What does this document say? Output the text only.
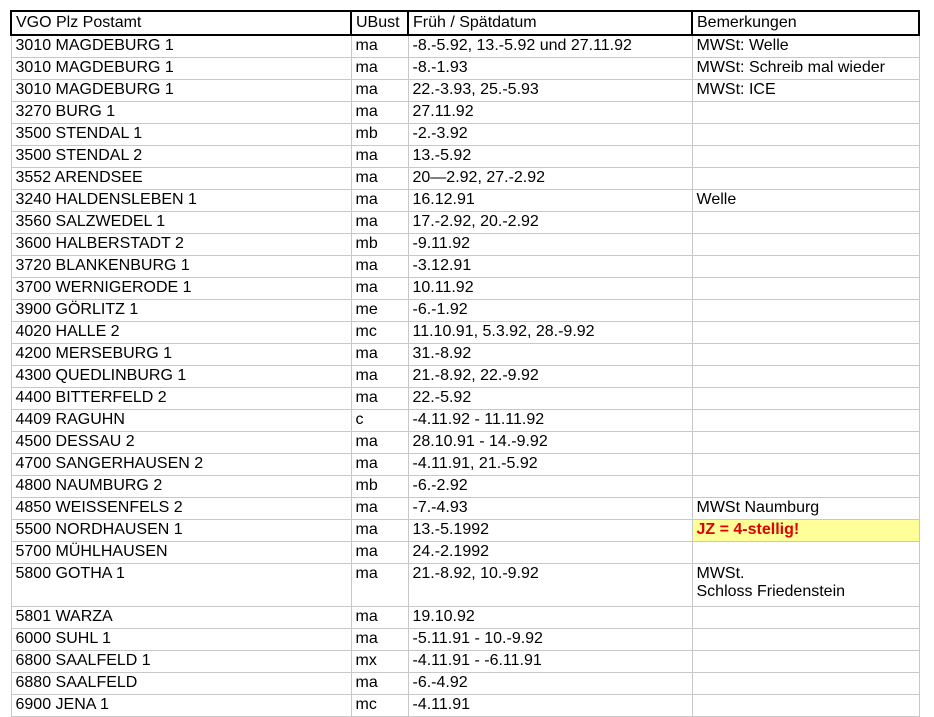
VGO Plz Postamt	UBust	Früh / Spätdatum	Bemerkungen
3010 MAGDEBURG 1	ma	-8.-5.92, 13.-5.92 und 27.11.92	MWSt: Welle

3010 MAGDEBURG 1	ma	-8.-1.93	MWSt: Schreib mal wieder

3010 MAGDEBURG 1	ma	22.-3.93, 25.-5.93	MWSt: ICE

3270 BURG 1	ma	27.11.92	
3500 STENDAL 1	mb	-2.-3.92	
3500 STENDAL 2	ma	13.-5.92	
3552 ARENDSEE	ma	20—2.92, 27.-2.92	
3240 HALDENSLEBEN 1	ma	16.12.91	Welle

3560 SALZWEDEL 1	ma	17.-2.92, 20.-2.92	
3600 HALBERSTADT 2	mb	-9.11.92	
3720 BLANKENBURG 1	ma	-3.12.91	
3700 WERNIGERODE 1	ma	10.11.92	
3900 GÖRLITZ 1	me	-6.-1.92	
4020 HALLE 2	mc	11.10.91, 5.3.92, 28.-9.92	
4200 MERSEBURG 1	ma	31.-8.92	
4300 QUEDLINBURG 1	ma	21.-8.92, 22.-9.92	
4400 BITTERFELD 2	ma	22.-5.92	
4409 RAGUHN	c	-4.11.92 - 11.11.92	
4500 DESSAU 2	ma	28.10.91 - 14.-9.92	
4700 SANGERHAUSEN 2	ma	-4.11.91, 21.-5.92	
4800 NAUMBURG 2	mb	-6.-2.92	
4850 WEISSENFELS 2	ma	-7.-4.93	MWSt Naumburg

5500 NORDHAUSEN 1	ma	13.-5.1992	JZ = 4-stellig!

5700 MÜHLHAUSEN	ma	24.-2.1992	
5800 GOTHA 1	ma	21.-8.92, 10.-9.92	MWSt.
Schloss Friedenstein

5801 WARZA	ma	19.10.92	
6000 SUHL 1	ma	-5.11.91 - 10.-9.92	
6800 SAALFELD 1	mx	-4.11.91 - -6.11.91	
6880 SAALFELD	ma	-6.-4.92	
6900 JENA 1	mc	-4.11.91	
